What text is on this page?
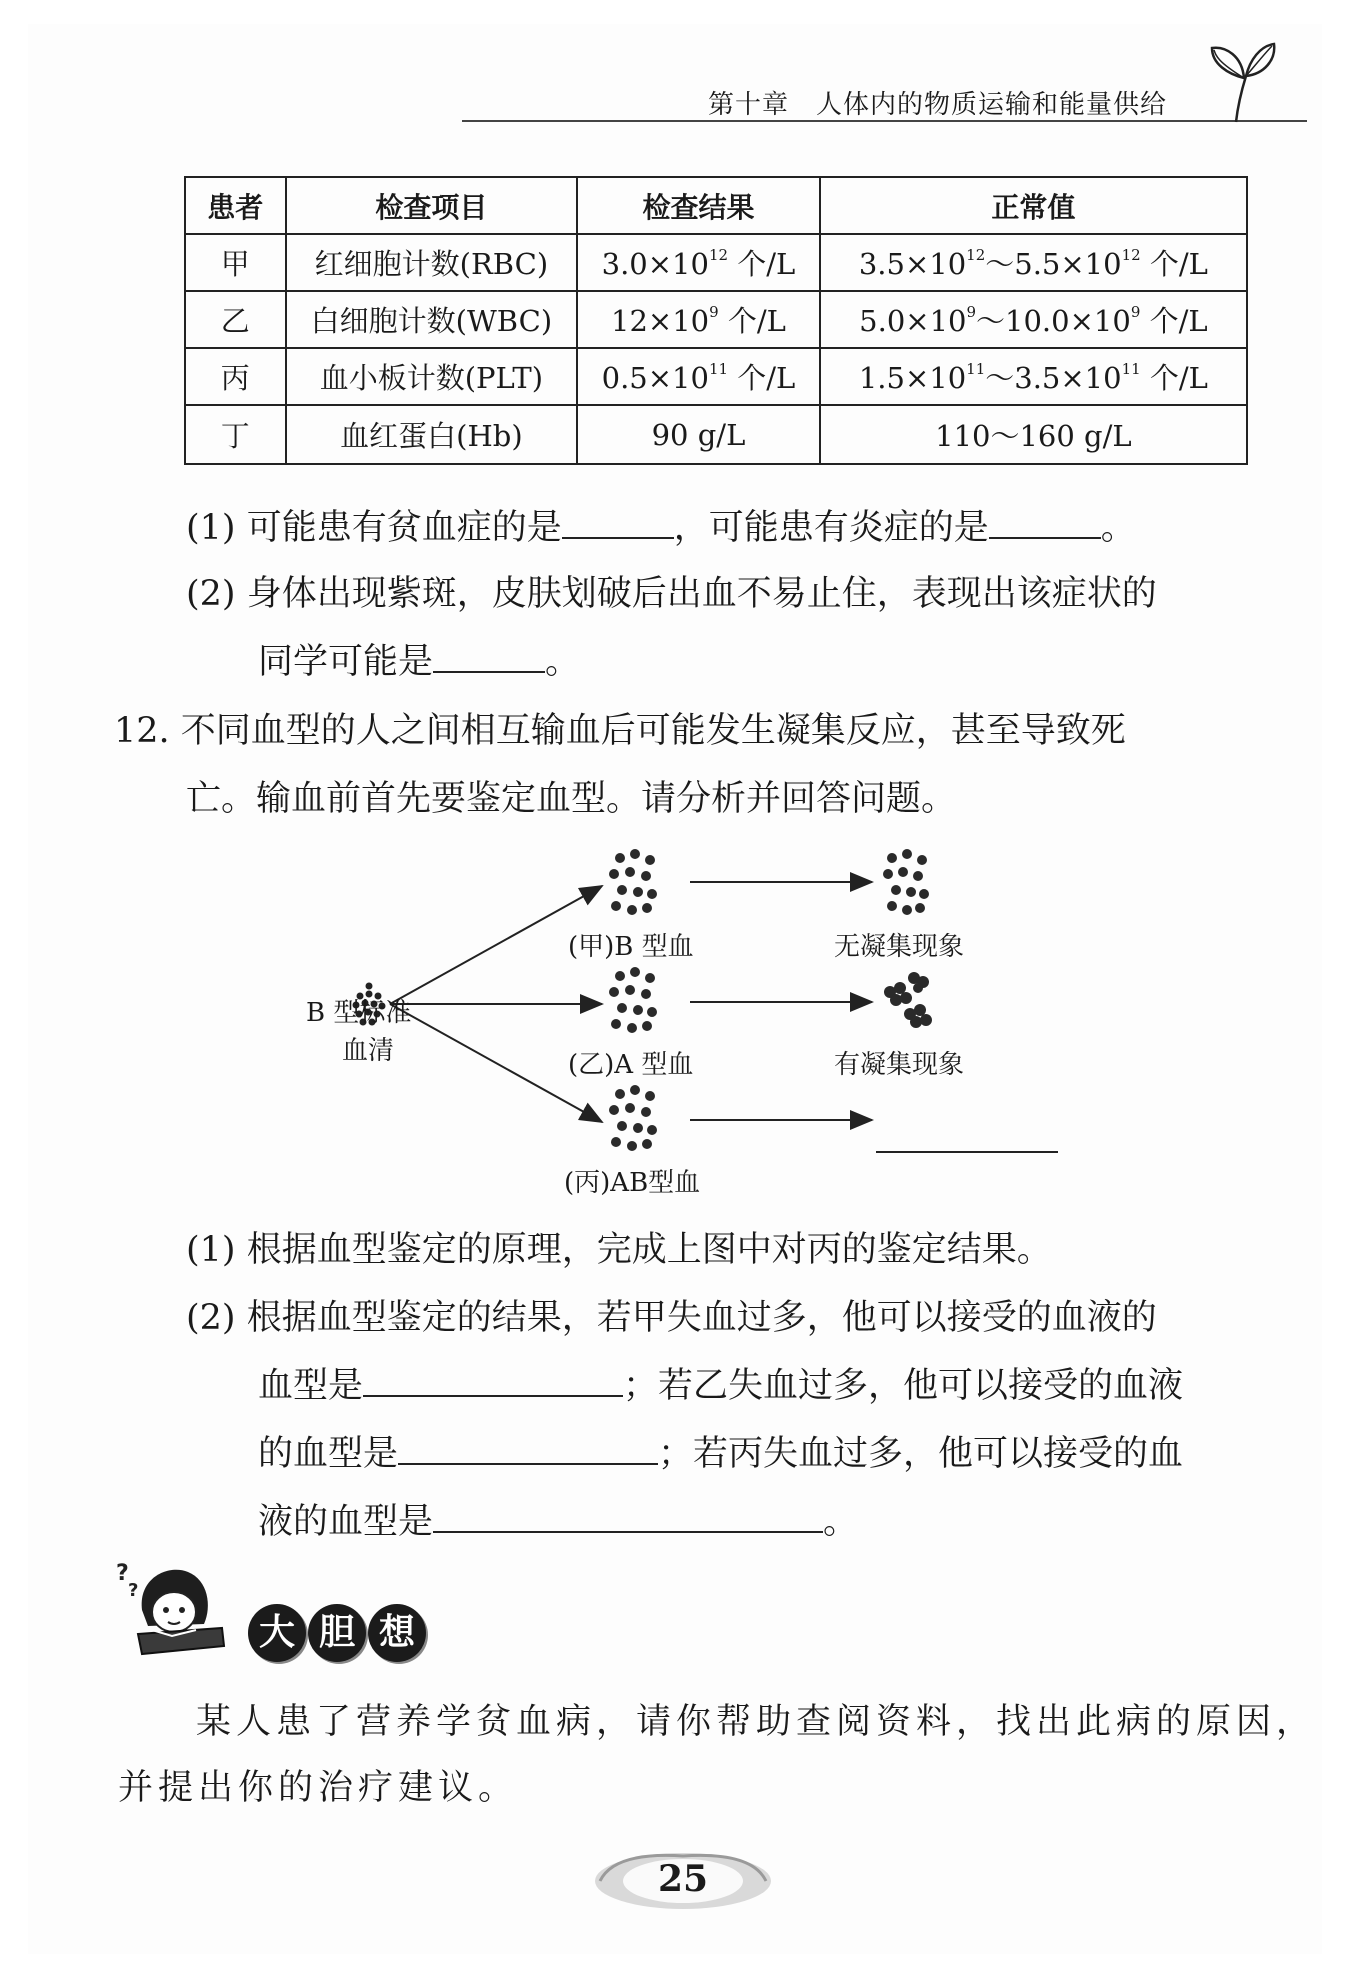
第十章　人体内的物质运输和能量供给
患者	检查项目	检查结果	正常值
甲	红细胞计数(RBC)	$3.0\times 10^{12}$ 个/L	$3.5\times 10^{12}\sim 5.5\times 10^{12}$ 个/L
乙	白细胞计数(WBC)	$12\times 10^9$ 个/L	$5.0\times 10^9\sim 10.0\times 10^9$ 个/L
丙	血小板计数(PLT)	$0.5\times 10^{11}$ 个/L	$1.5\times 10^{11}\sim 3.5\times 10^{11}$ 个/L
丁	血红蛋白(Hb)	90 g/L	110～160 g/L
(1) 可能患有贫血症的是	，可能患有炎症的是	。
(2) 身体出现紫斑，皮肤划破后出血不易止住，表现出该症状的
同学可能是	。
12. 不同血型的人之间相互输血后可能发生凝集反应，甚至导致死
亡。输血前首先要鉴定血型。请分析并回答问题。
B 型标准
血清
(甲)B 型血
(乙)A 型血
(丙)AB型血
无凝集现象
有凝集现象
(1) 根据血型鉴定的原理，完成上图中对丙的鉴定结果。
(2) 根据血型鉴定的结果，若甲失血过多，他可以接受的血液的
血型是	；若乙失血过多，他可以接受的血液
的血型是	；若丙失血过多，他可以接受的血
液的血型是	。
?
?
大 胆 想
某人患了营养学贫血病，请你帮助查阅资料，找出此病的原因，
并提出你的治疗建议。
25
